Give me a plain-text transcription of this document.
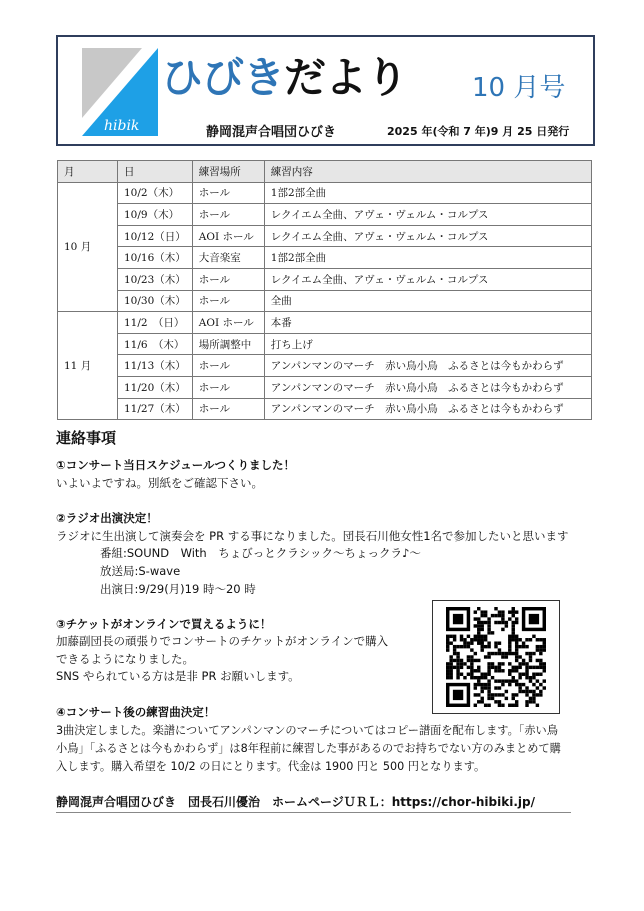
hibik
ひびきだより 10 月号
静岡混声合唱団ひびき	2025 年(令和 7 年)9 月 25 日発行
月	日	練習場所	練習内容
10 月	10/2（木）	ホール	1部2部全曲
	10/9（木）	ホール	レクイエム全曲、アヴェ・ヴェルム・コルプス
	10/12（日）	AOI ホール	レクイエム全曲、アヴェ・ヴェルム・コルプス
	10/16（木）	大音楽室	1部2部全曲
	10/23（木）	ホール	レクイエム全曲、アヴェ・ヴェルム・コルプス
	10/30（木）	ホール	全曲
11 月	11/2　（日）	AOI ホール	本番
	11/6　（木）	場所調整中	打ち上げ
	11/13（木）	ホール	アンパンマンのマーチ　赤い鳥小鳥　ふるさとは今もかわらず
	11/20（木）	ホール	アンパンマンのマーチ　赤い鳥小鳥　ふるさとは今もかわらず
	11/27（木）	ホール	アンパンマンのマーチ　赤い鳥小鳥　ふるさとは今もかわらず
連絡事項
①コンサート当日スケジュールつくりました！
いよいよですね。別紙をご確認下さい。
②ラジオ出演決定！
ラジオに生出演して演奏会を PR する事になりました。団長石川他女性1名で参加したいと思います
番組:SOUND　With　ちょびっとクラシック～ちょっクラ♪～
放送局:S-wave
出演日:9/29(月)19 時～20 時
③チケットがオンラインで買えるように！
加藤副団長の頑張りでコンサートのチケットがオンラインで購入
できるようになりました。
SNS やられている方は是非 PR お願いします。
④コンサート後の練習曲決定！
3曲決定しました。楽譜についてアンパンマンのマーチについてはコピー譜面を配布します。「赤い鳥
小鳥」「ふるさとは今もかわらず」は8年程前に練習した事があるのでお持ちでない方のみまとめて購
入します。購入希望を 10/2 の日にとります。代金は 1900 円と 500 円となります。
静岡混声合唱団ひびき　団長石川優治　ホームページＵＲＬ：https://chor-hibiki.jp/
